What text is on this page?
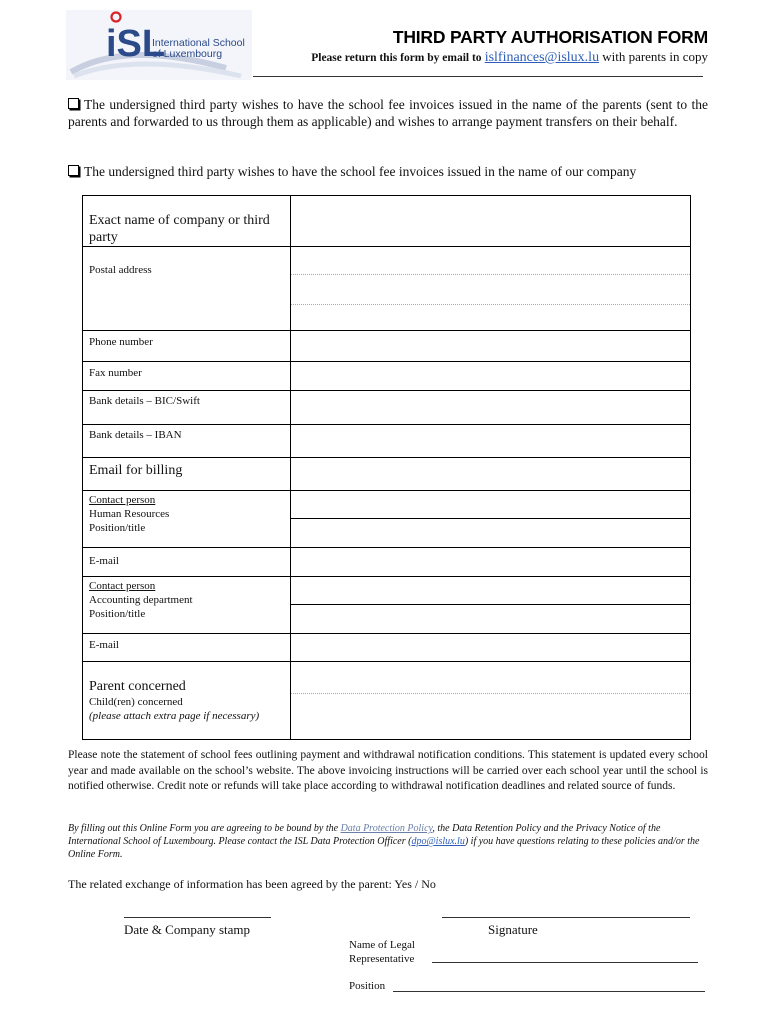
iSL
International School
of Luxembourg
THIRD PARTY AUTHORISATION FORM
Please return this form by email to islfinances@islux.lu with parents in copy
The undersigned third party wishes to have the school fee invoices issued in the name of the parents (sent to the parents and forwarded to us through them as applicable) and wishes to arrange payment transfers on their behalf.
The undersigned third party wishes to have the school fee invoices issued in the name of our company
Exact name of company or third party	

Postal address	

Phone number	

Fax number	

Bank details – BIC/Swift	

Bank details – IBAN	

Email for billing	

Contact person
Human Resources
Position/title	

E-mail	

Contact person
Accounting department
Position/title	

E-mail	

Parent concerned
Child(ren) concerned
(please attach extra page if necessary)	

Please note the statement of school fees outlining payment and withdrawal notification conditions. This statement is updated every school year and made available on the school’s website. The above invoicing instructions will be carried over each school year until the school is notified otherwise. Credit note or refunds will take place according to withdrawal notification deadlines and related source of funds.
By filling out this Online Form you are agreeing to be bound by the Data Protection Policy, the Data Retention Policy and the Privacy Notice of the International School of Luxembourg. Please contact the ISL Data Protection Officer (dpo@islux.lu) if you have questions relating to these policies and/or the Online Form.
The related exchange of information has been agreed by the parent: Yes / No
Date & Company stamp	Signature
Name of Legal
Representative
Position
